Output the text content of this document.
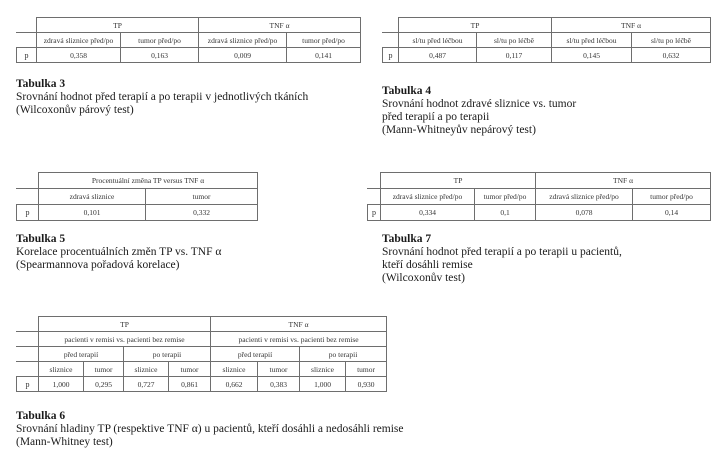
	TP		TNF α	
	zdravá sliznice před/po	tumor před/po	zdravá sliznice před/po	tumor před/po
p	0,358	0,163	0,009	0,141
Tabulka 3
Srovnání hodnot před terapií a po terapii v jednotlivých tkáních
(Wilcoxonův párový test)
	TP		TNF α	
	sl/tu před léčbou	sl/tu po léčbě	sl/tu před léčbou	sl/tu po léčbě
p	0,487	0,117	0,145	0,632
Tabulka 4
Srovnání hodnot zdravé sliznice vs. tumor
před terapií a po terapii
(Mann-Whitneyův nepárový test)
	Procentuální změna TP versus TNF α	
	zdravá sliznice	tumor
p	0,101	0,332
Tabulka 5
Korelace procentuálních změn TP vs. TNF α
(Spearmannova pořadová korelace)
	TP		TNF α	
	zdravá sliznice před/po	tumor před/po	zdravá sliznice před/po	tumor před/po
p	0,334	0,1	0,078	0,14
Tabulka 7
Srovnání hodnot před terapií a po terapii u pacientů,
kteří dosáhli remise
(Wilcoxonův test)
	TP				TNF α			
	pacienti v remisi vs. pacienti bez remise				pacienti v remisi vs. pacienti bez remise			
	před terapií		po terapii		před terapií		po terapii	
	sliznice	tumor	sliznice	tumor	sliznice	tumor	sliznice	tumor
p	1,000	0,295	0,727	0,861	0,662	0,383	1,000	0,930
Tabulka 6
Srovnání hladiny TP (respektive TNF α) u pacientů, kteří dosáhli a nedosáhli remise
(Mann-Whitney test)
